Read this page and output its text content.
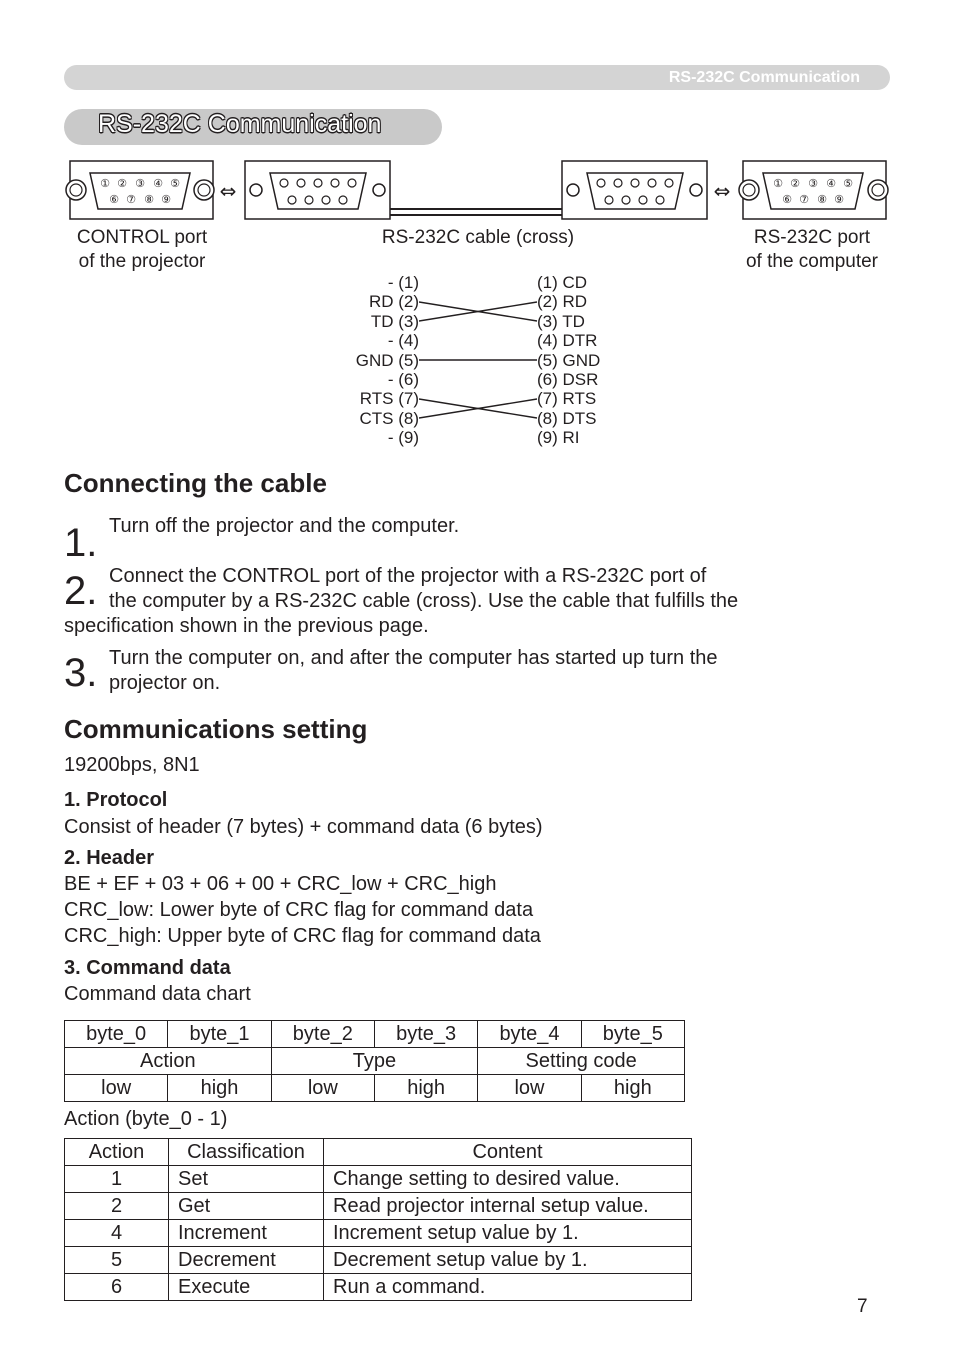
RS-232C Communication
RS-232C Communication
① ② ③ ④ ⑤
⑥ ⑦ ⑧ ⑨ ⇔	⇔	① ② ③ ④ ⑤
⑥ ⑦ ⑧ ⑨
CONTROL port
of the projector
RS-232C cable (cross)	RS-232C port
of the computer
- (1)
RD (2)
TD (3)
- (4)
GND (5)
- (6)
RTS (7)
CTS (8)
- (9)
(1) CD
(2) RD
(3) TD
(4) DTR
(5) GND
(6) DSR
(7) RTS
(8) DTS
(9) RI
Connecting the cable
1. Turn off the projector and the computer.
2. Connect the CONTROL port of the projector with a RS-232C port of
the computer by a RS-232C cable (cross). Use the cable that fulfills the
specification shown in the previous page.
3. Turn the computer on, and after the computer has started up turn the
projector on.
Communications setting
19200bps, 8N1
1. Protocol
Consist of header (7 bytes) + command data (6 bytes)
2. Header
BE + EF + 03 + 06 + 00 + CRC_low + CRC_high
CRC_low: Lower byte of CRC flag for command data
CRC_high: Upper byte of CRC flag for command data
3. Command data
Command data chart
byte_0	byte_1	byte_2	byte_3	byte_4	byte_5
Action		Type		Setting code	
low	high	low	high	low	high
Action (byte_0 - 1)
Action	Classification	Content
1	Set	Change setting to desired value.
2	Get	Read projector internal setup value.
4	Increment	Increment setup value by 1.
5	Decrement	Decrement setup value by 1.
6	Execute	Run a command.
7
